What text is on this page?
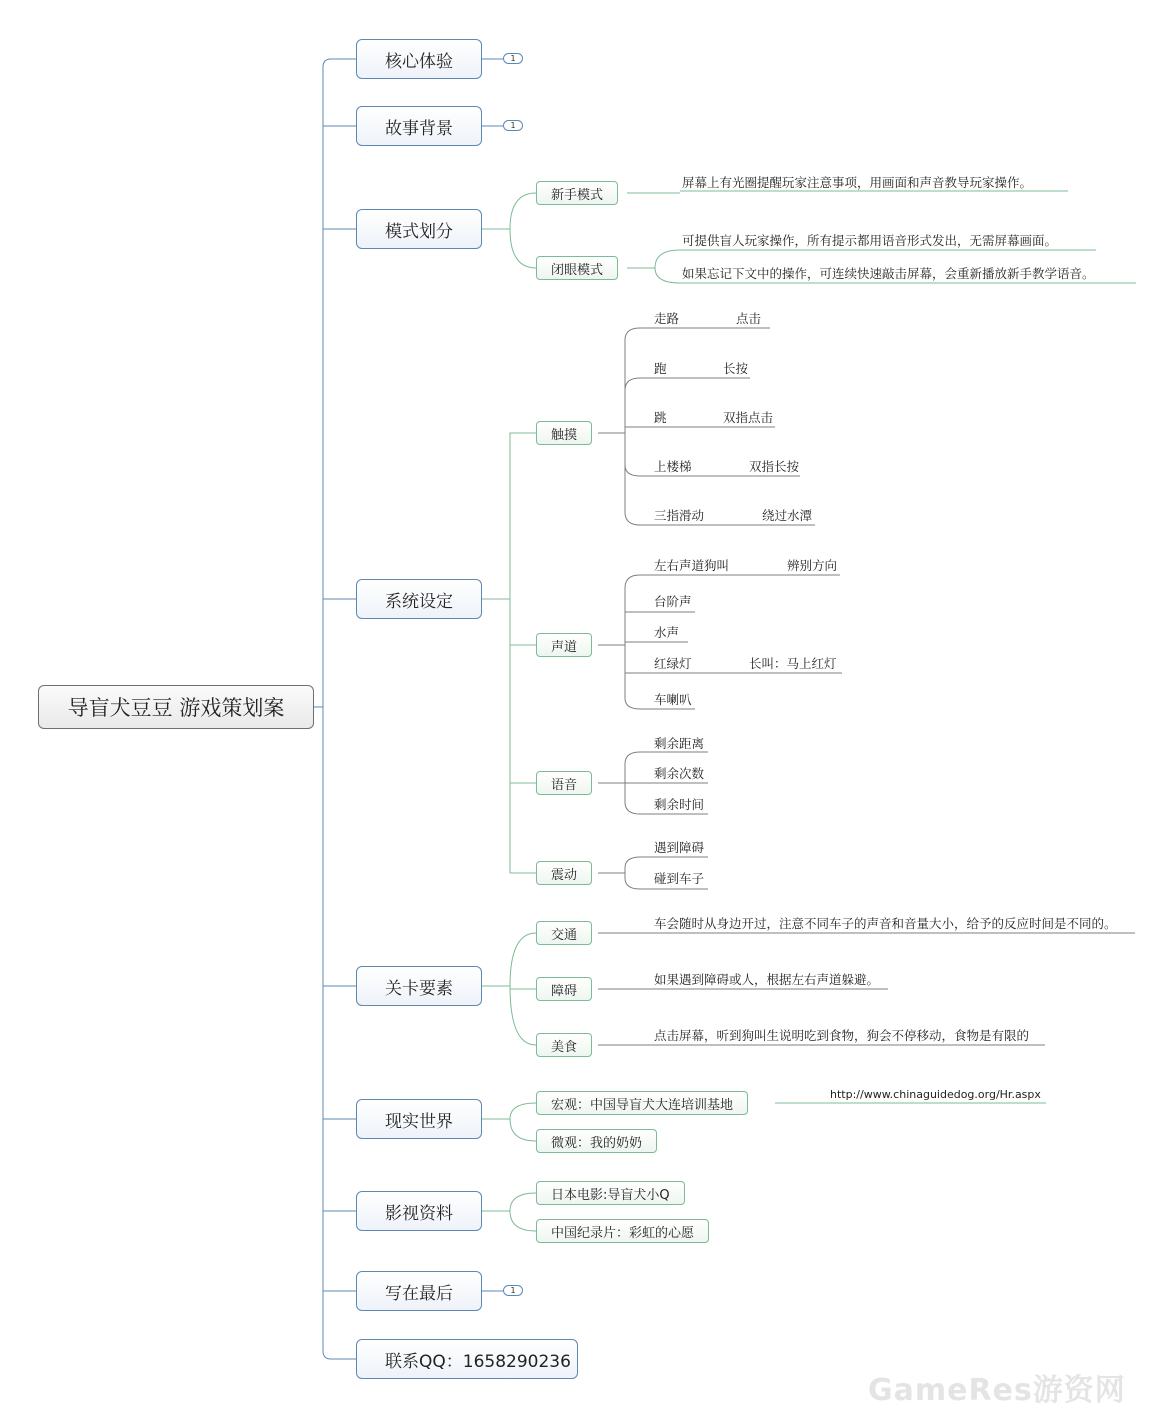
导盲犬豆豆 游戏策划案
核心体验	1
故事背景	1
模式划分
新手模式
屏幕上有光圈提醒玩家注意事项，用画面和声音教导玩家操作。
闭眼模式
可提供盲人玩家操作，所有提示都用语音形式发出，无需屏幕画面。
如果忘记下文中的操作，可连续快速敲击屏幕，会重新播放新手教学语音。
系统设定
触摸
走路	点击
跑	长按
跳	双指点击
上楼梯	双指长按
三指滑动	绕过水潭
声道
左右声道狗叫	辨别方向
台阶声
水声
红绿灯	长叫：马上红灯
车喇叭
语音
剩余距离
剩余次数
剩余时间
震动
遇到障碍
碰到车子
关卡要素
交通
车会随时从身边开过，注意不同车子的声音和音量大小，给予的反应时间是不同的。
障碍
如果遇到障碍或人，根据左右声道躲避。
美食
点击屏幕，听到狗叫生说明吃到食物，狗会不停移动，食物是有限的
现实世界
宏观：中国导盲犬大连培训基地
http://www.chinaguidedog.org/Hr.aspx
微观：我的奶奶
影视资料
日本电影:导盲犬小Q
中国纪录片：彩虹的心愿
写在最后	1
联系QQ：1658290236
GameRes游资网
